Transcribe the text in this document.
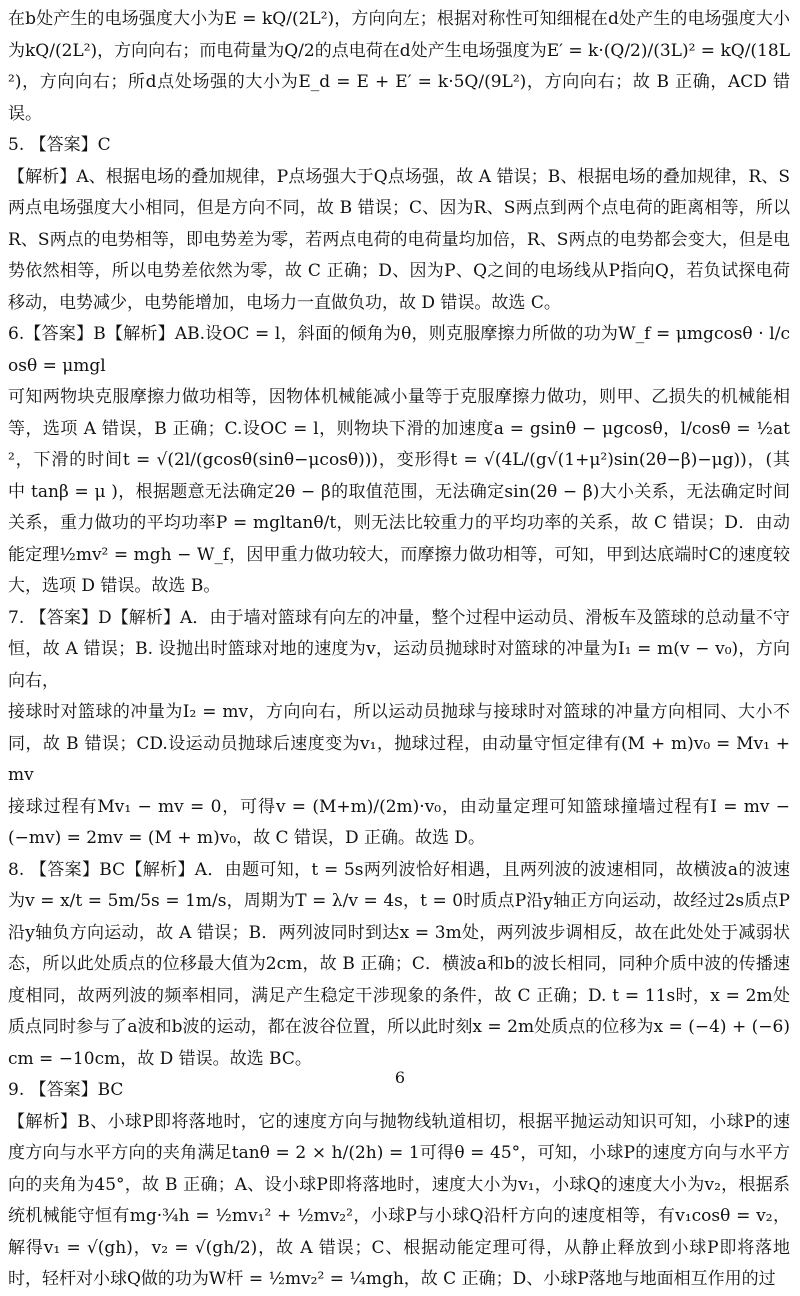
在b处产生的电场强度大小为E = kQ/(2L²)，方向向左；根据对称性可知细棍在d处产生的电场强度大小为kQ/(2L²)，方向向右；而电荷量为Q/2的点电荷在d处产生电场强度为E′ = k·(Q/2)/(3L)² = kQ/(18L²)，方向向右；所d点处场强的大小为E_d = E + E′ = k·5Q/(9L²)，方向向右；故 B 正确，ACD 错误。

5. 【答案】C

【解析】A、根据电场的叠加规律，P点场强大于Q点场强，故 A 错误；B、根据电场的叠加规律，R、S两点电场强度大小相同，但是方向不同，故 B 错误；C、因为R、S两点到两个点电荷的距离相等，所以R、S两点的电势相等，即电势差为零，若两点电荷的电荷量均加倍，R、S两点的电势都会变大，但是电势依然相等，所以电势差依然为零，故 C 正确；D、因为P、Q之间的电场线从P指向Q，若负试探电荷移动，电势减少，电势能增加，电场力一直做负功，故 D 错误。故选 C。

6.【答案】B【解析】AB.设OC = l，斜面的倾角为θ，则克服摩擦力所做的功为W_f = μmgcosθ · l/cosθ = μmgl

可知两物块克服摩擦力做功相等，因物体机械能减小量等于克服摩擦力做功，则甲、乙损失的机械能相等，选项 A 错误，B 正确；C.设OC = l，则物块下滑的加速度a = gsinθ − μgcosθ，l/cosθ = ½at²，下滑的时间t = √(2l/(gcosθ(sinθ−μcosθ)))，变形得t = √(4L/(g√(1+μ²)sin(2θ−β)−μg))，(其中 tanβ = μ )，根据题意无法确定2θ − β的取值范围，无法确定sin(2θ − β)大小关系，无法确定时间关系，重力做功的平均功率P = mgltanθ/t，则无法比较重力的平均功率的关系，故 C 错误；D．由动能定理½mv² = mgh − W_f，因甲重力做功较大，而摩擦力做功相等，可知，甲到达底端时C的速度较大，选项 D 错误。故选 B。

7. 【答案】D【解析】A．由于墙对篮球有向左的冲量，整个过程中运动员、滑板车及篮球的总动量不守恒，故 A 错误；B. 设抛出时篮球对地的速度为v，运动员抛球时对篮球的冲量为I₁ = m(v − v₀)，方向向右，

接球时对篮球的冲量为I₂ = mv，方向向右，所以运动员抛球与接球时对篮球的冲量方向相同、大小不同，故 B 错误；CD.设运动员抛球后速度变为v₁，抛球过程，由动量守恒定律有(M + m)v₀ = Mv₁ + mv

接球过程有Mv₁ − mv = 0，可得v = (M+m)/(2m)·v₀，由动量定理可知篮球撞墙过程有I = mv − (−mv) = 2mv = (M + m)v₀，故 C 错误，D 正确。故选 D。

8. 【答案】BC【解析】A．由题可知，t = 5s两列波恰好相遇，且两列波的波速相同，故横波a的波速为v = x/t = 5m/5s = 1m/s，周期为T = λ/v = 4s，t = 0时质点P沿y轴正方向运动，故经过2s质点P沿y轴负方向运动，故 A 错误；B．两列波同时到达x = 3m处，两列波步调相反，故在此处处于减弱状态，所以此处质点的位移最大值为2cm，故 B 正确；C．横波a和b的波长相同，同种介质中波的传播速度相同，故两列波的频率相同，满足产生稳定干涉现象的条件，故 C 正确；D. t = 11s时，x = 2m处质点同时参与了a波和b波的运动，都在波谷位置，所以此时刻x = 2m处质点的位移为x = (−4) + (−6)cm = −10cm，故 D 错误。故选 BC。

9. 【答案】BC

【解析】B、小球P即将落地时，它的速度方向与抛物线轨道相切，根据平抛运动知识可知，小球P的速度方向与水平方向的夹角满足tanθ = 2 × h/(2h) = 1可得θ = 45°，可知，小球P的速度方向与水平方向的夹角为45°，故 B 正确；A、设小球P即将落地时，速度大小为v₁，小球Q的速度大小为v₂，根据系统机械能守恒有mg·¾h = ½mv₁² + ½mv₂²，小球P与小球Q沿杆方向的速度相等，有v₁cosθ = v₂，解得v₁ = √(gh)，v₂ = √(gh/2)，故 A 错误；C、根据动能定理可得，从静止释放到小球P即将落地时，轻杆对小球Q做的功为W杆 = ½mv₂² = ¼mgh，故 C 正确；D、小球P落地与地面相互作用的过

6
